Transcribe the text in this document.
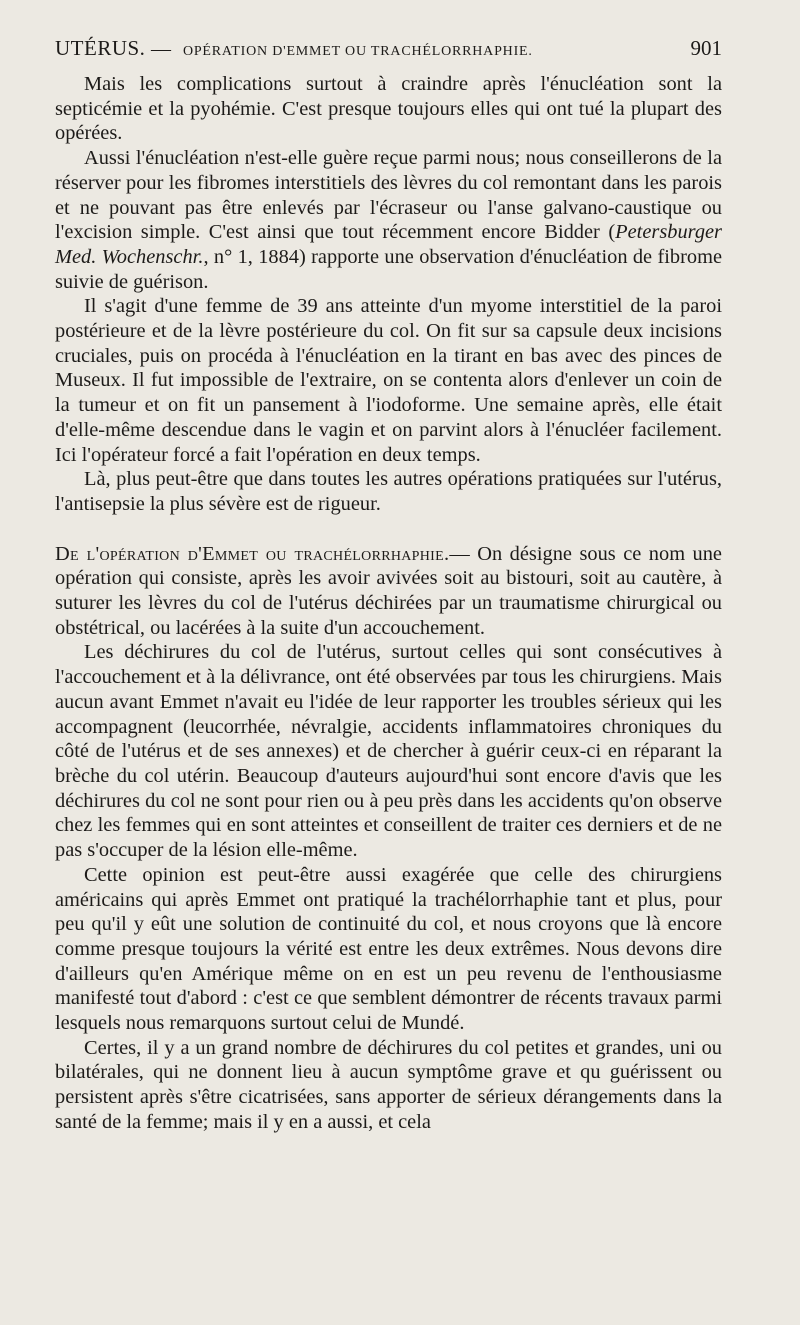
UTÉRUS. — OPÉRATION D'EMMET OU TRACHÉLORRHAPHIE.	901

Mais les complications surtout à craindre après l'énucléation sont la septicémie et la pyohémie. C'est presque toujours elles qui ont tué la plupart des opérées.

Aussi l'énucléation n'est-elle guère reçue parmi nous; nous conseillerons de la réserver pour les fibromes interstitiels des lèvres du col remontant dans les parois et ne pouvant pas être enlevés par l'écraseur ou l'anse galvano-caustique ou l'excision simple. C'est ainsi que tout récemment encore Bidder (Petersburger Med. Wochenschr., n° 1, 1884) rapporte une observation d'énucléation de fibrome suivie de guérison.

Il s'agit d'une femme de 39 ans atteinte d'un myome interstitiel de la paroi postérieure et de la lèvre postérieure du col. On fit sur sa capsule deux incisions cruciales, puis on procéda à l'énucléation en la tirant en bas avec des pinces de Museux. Il fut impossible de l'extraire, on se contenta alors d'enlever un coin de la tumeur et on fit un pansement à l'iodoforme. Une semaine après, elle était d'elle-même descendue dans le vagin et on parvint alors à l'énucléer facilement. Ici l'opérateur forcé a fait l'opération en deux temps.

Là, plus peut-être que dans toutes les autres opérations pratiquées sur l'utérus, l'antisepsie la plus sévère est de rigueur.

De l'opération d'Emmet ou trachélorrhaphie.— On désigne sous ce nom une opération qui consiste, après les avoir avivées soit au bistouri, soit au cautère, à suturer les lèvres du col de l'utérus déchirées par un traumatisme chirurgical ou obstétrical, ou lacérées à la suite d'un accouchement.

Les déchirures du col de l'utérus, surtout celles qui sont consécutives à l'accouchement et à la délivrance, ont été observées par tous les chirurgiens. Mais aucun avant Emmet n'avait eu l'idée de leur rapporter les troubles sérieux qui les accompagnent (leucorrhée, névralgie, accidents inflammatoires chroniques du côté de l'utérus et de ses annexes) et de chercher à guérir ceux-ci en réparant la brèche du col utérin. Beaucoup d'auteurs aujourd'hui sont encore d'avis que les déchirures du col ne sont pour rien ou à peu près dans les accidents qu'on observe chez les femmes qui en sont atteintes et conseillent de traiter ces derniers et de ne pas s'occuper de la lésion elle-même.

Cette opinion est peut-être aussi exagérée que celle des chirurgiens américains qui après Emmet ont pratiqué la trachélorrhaphie tant et plus, pour peu qu'il y eût une solution de continuité du col, et nous croyons que là encore comme presque toujours la vérité est entre les deux extrêmes. Nous devons dire d'ailleurs qu'en Amérique même on en est un peu revenu de l'enthousiasme manifesté tout d'abord : c'est ce que semblent démontrer de récents travaux parmi lesquels nous remarquons surtout celui de Mundé.

Certes, il y a un grand nombre de déchirures du col petites et grandes, uni ou bilatérales, qui ne donnent lieu à aucun symptôme grave et qu guérissent ou persistent après s'être cicatrisées, sans apporter de sérieux dérangements dans la santé de la femme; mais il y en a aussi, et cela
